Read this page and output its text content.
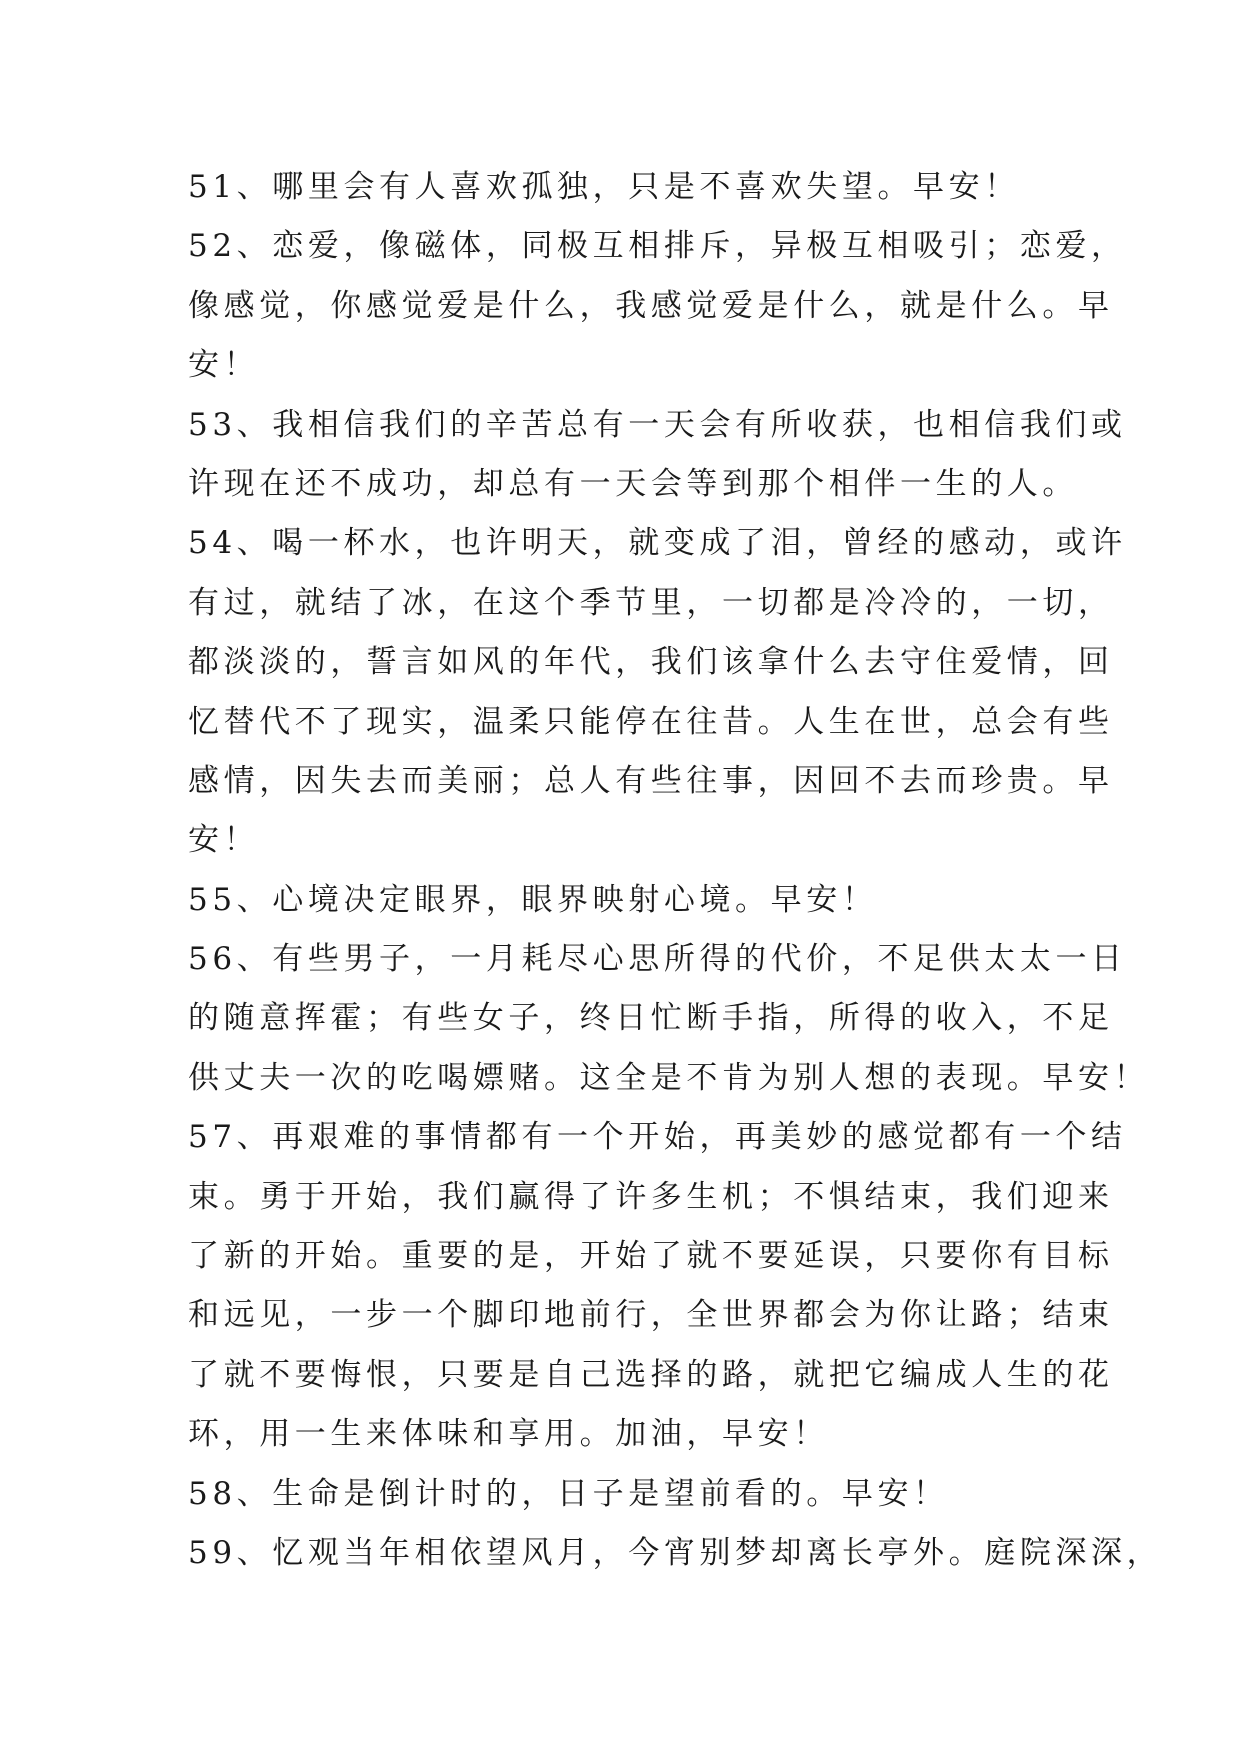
51、哪里会有人喜欢孤独，只是不喜欢失望。早安！
52、恋爱，像磁体，同极互相排斥，异极互相吸引；恋爱，
像感觉，你感觉爱是什么，我感觉爱是什么，就是什么。早
安！
53、我相信我们的辛苦总有一天会有所收获，也相信我们或
许现在还不成功，却总有一天会等到那个相伴一生的人。
54、喝一杯水，也许明天，就变成了泪，曾经的感动，或许
有过，就结了冰，在这个季节里，一切都是冷冷的，一切，
都淡淡的，誓言如风的年代，我们该拿什么去守住爱情，回
忆替代不了现实，温柔只能停在往昔。人生在世，总会有些
感情，因失去而美丽；总人有些往事，因回不去而珍贵。早
安！
55、心境决定眼界，眼界映射心境。早安！
56、有些男子，一月耗尽心思所得的代价，不足供太太一日
的随意挥霍；有些女子，终日忙断手指，所得的收入，不足
供丈夫一次的吃喝嫖赌。这全是不肯为别人想的表现。早安！
57、再艰难的事情都有一个开始，再美妙的感觉都有一个结
束。勇于开始，我们赢得了许多生机；不惧结束，我们迎来
了新的开始。重要的是，开始了就不要延误，只要你有目标
和远见，一步一个脚印地前行，全世界都会为你让路；结束
了就不要悔恨，只要是自己选择的路，就把它编成人生的花
环，用一生来体味和享用。加油，早安！
58、生命是倒计时的，日子是望前看的。早安！
59、忆观当年相依望风月，今宵别梦却离长亭外。庭院深深，
